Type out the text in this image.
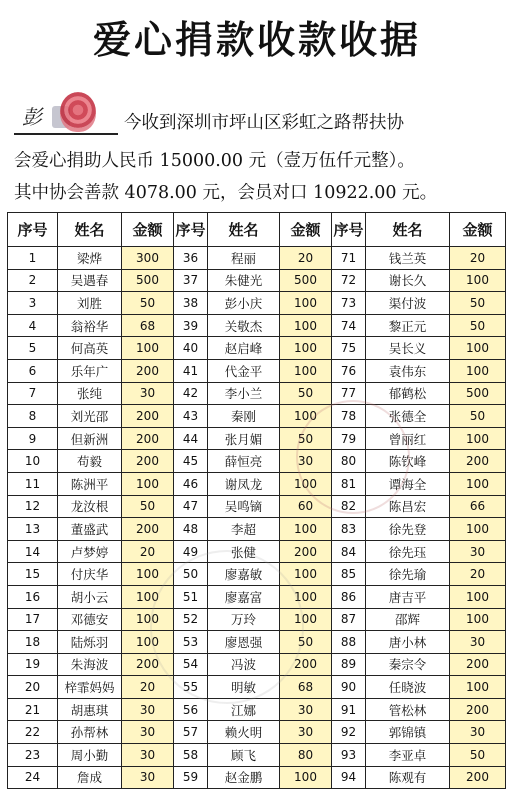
爱心捐款收款收据
彭	今收到深圳市坪山区彩虹之路帮扶协
会爱心捐助人民币 15000.00 元（壹万伍仟元整）。
其中协会善款 4078.00 元，会员对口 10922.00 元。
序号	姓名	金额	序号	姓名	金额	序号	姓名	金额
1	梁烨	300	36	程丽	20	71	钱兰英	20
2	吴遇春	500	37	朱健光	500	72	谢长久	100
3	刘胜	50	38	彭小庆	100	73	渠付波	50
4	翁裕华	68	39	关敬杰	100	74	黎正元	50
5	何高英	100	40	赵启峰	100	75	吴长义	100
6	乐年广	200	41	代金平	100	76	袁伟东	100
7	张纯	30	42	李小兰	50	77	郁鹤松	500
8	刘光邵	200	43	秦刚	100	78	张德全	50
9	但新洲	200	44	张月媚	50	79	曾丽红	100
10	苟毅	200	45	薛恒亮	30	80	陈钦峰	200
11	陈洲平	100	46	谢凤龙	100	81	谭海全	100
12	龙汝根	50	47	吴鸣镝	60	82	陈昌宏	66
13	董盛武	200	48	李超	100	83	徐先登	100
14	卢梦婷	20	49	张健	200	84	徐先珏	30
15	付庆华	100	50	廖嘉敏	100	85	徐先瑜	20
16	胡小云	100	51	廖嘉富	100	86	唐吉平	100
17	邓德安	100	52	万玲	100	87	邵辉	100
18	陆烁羽	100	53	廖恩强	50	88	唐小林	30
19	朱海波	200	54	冯波	200	89	秦宗令	200
20	梓霏妈妈	20	55	明敏	68	90	任晓波	100
21	胡惠琪	30	56	江娜	30	91	管松林	200
22	孙帮林	30	57	赖火明	30	92	郭锦镇	30
23	周小勤	30	58	顾飞	80	93	李亚卓	50
24	詹成	30	59	赵金鹏	100	94	陈观有	200
